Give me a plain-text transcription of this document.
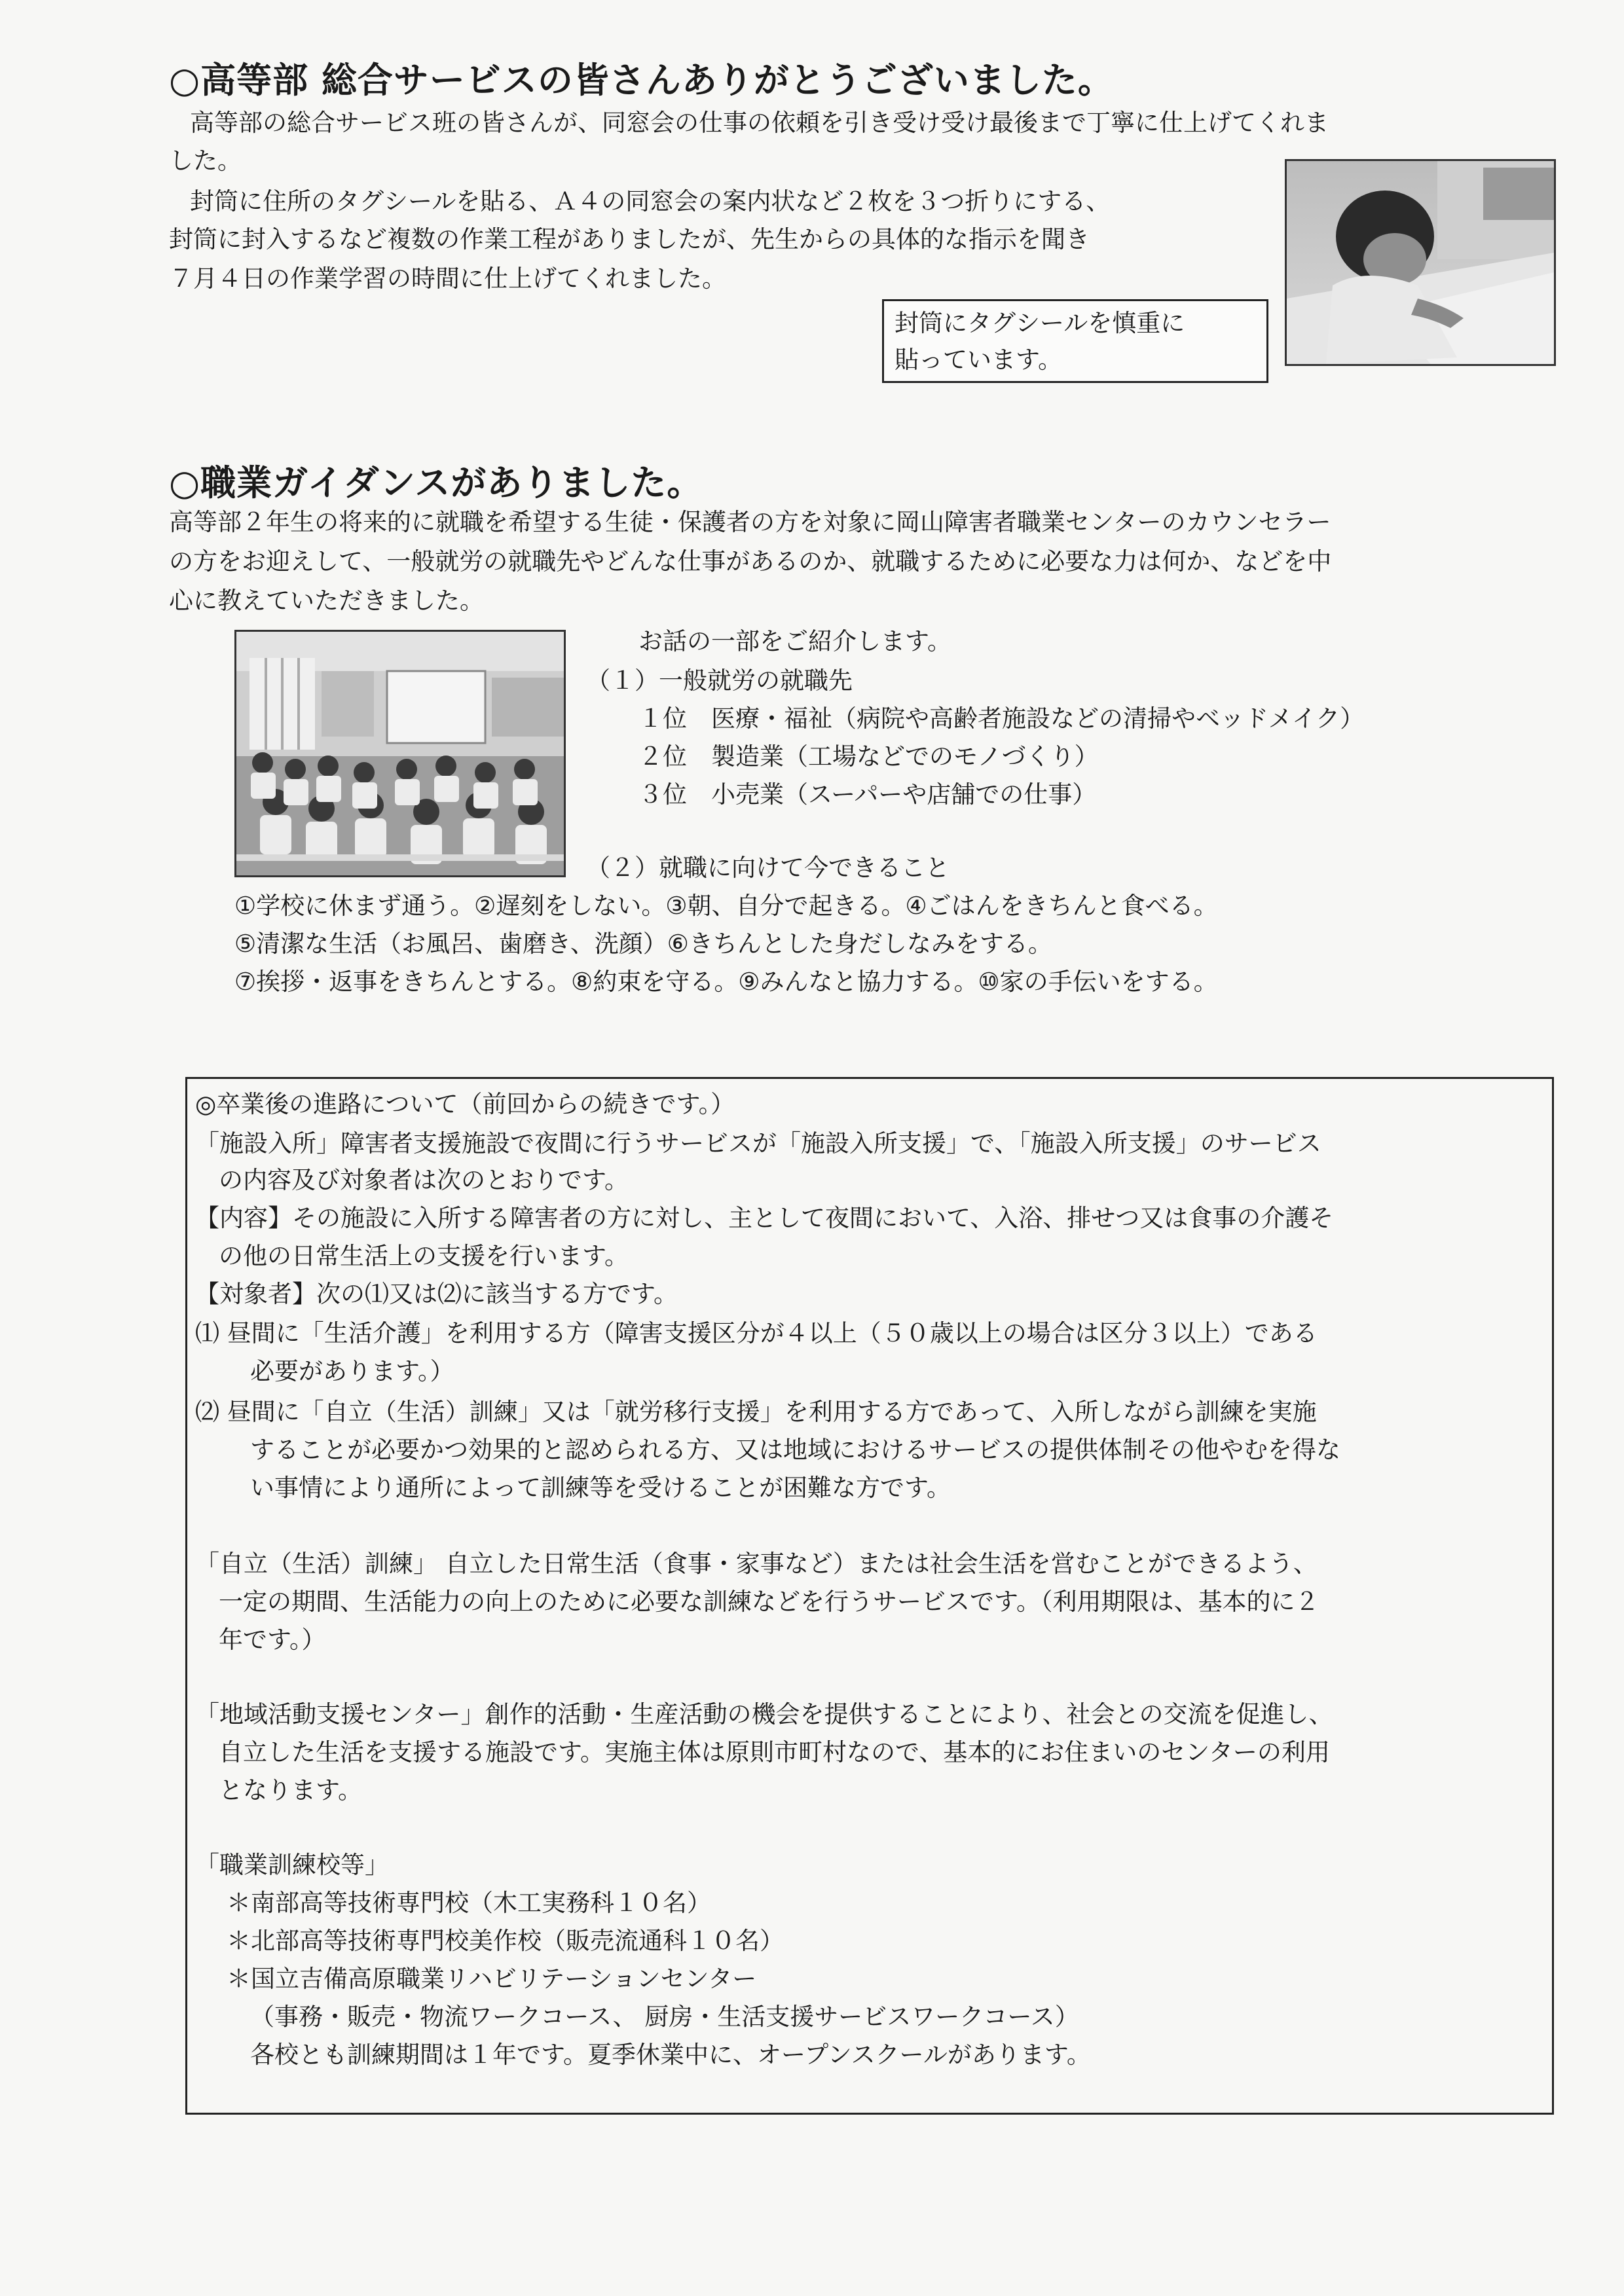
○高等部 総合サービスの皆さんありがとうございました。
高等部の総合サービス班の皆さんが、同窓会の仕事の依頼を引き受け受け最後まで丁寧に仕上げてくれま
した。
封筒に住所のタグシールを貼る、Ａ４の同窓会の案内状など２枚を３つ折りにする、
封筒に封入するなど複数の作業工程がありましたが、先生からの具体的な指示を聞き
７月４日の作業学習の時間に仕上げてくれました。
封筒にタグシールを慎重に
貼っています。
○職業ガイダンスがありました。
高等部２年生の将来的に就職を希望する生徒・保護者の方を対象に岡山障害者職業センターのカウンセラー
の方をお迎えして、一般就労の就職先やどんな仕事があるのか、就職するために必要な力は何か、などを中
心に教えていただきました。
お話の一部をご紹介します。
（１）一般就労の就職先
１位　医療・福祉（病院や高齢者施設などの清掃やベッドメイク）
２位　製造業（工場などでのモノづくり）
３位　小売業（スーパーや店舗での仕事）
（２）就職に向けて今できること
①学校に休まず通う。②遅刻をしない。③朝、自分で起きる。④ごはんをきちんと食べる。
⑤清潔な生活（お風呂、歯磨き、洗顔）⑥きちんとした身だしなみをする。
⑦挨拶・返事をきちんとする。⑧約束を守る。⑨みんなと協力する。⑩家の手伝いをする。
◎卒業後の進路について（前回からの続きです。）
「施設入所」障害者支援施設で夜間に行うサービスが「施設入所支援」で、「施設入所支援」のサービス
の内容及び対象者は次のとおりです。
【内容】その施設に入所する障害者の方に対し、主として夜間において、入浴、排せつ又は食事の介護そ
の他の日常生活上の支援を行います。
【対象者】次の⑴又は⑵に該当する方です。
⑴ 昼間に「生活介護」を利用する方（障害支援区分が４以上（５０歳以上の場合は区分３以上）である
必要があります。）
⑵ 昼間に「自立（生活）訓練」又は「就労移行支援」を利用する方であって、入所しながら訓練を実施
することが必要かつ効果的と認められる方、又は地域におけるサービスの提供体制その他やむを得な
い事情により通所によって訓練等を受けることが困難な方です。
「自立（生活）訓練」 自立した日常生活（食事・家事など）または社会生活を営むことができるよう、
一定の期間、生活能力の向上のために必要な訓練などを行うサービスです。（利用期限は、基本的に２
年です。）
「地域活動支援センター」創作的活動・生産活動の機会を提供することにより、社会との交流を促進し、
自立した生活を支援する施設です。実施主体は原則市町村なので、基本的にお住まいのセンターの利用
となります。
「職業訓練校等」
＊南部高等技術専門校（木工実務科１０名）
＊北部高等技術専門校美作校（販売流通科１０名）
＊国立吉備高原職業リハビリテーションセンター
（事務・販売・物流ワークコース、 厨房・生活支援サービスワークコース）
各校とも訓練期間は１年です。夏季休業中に、オープンスクールがあります。
